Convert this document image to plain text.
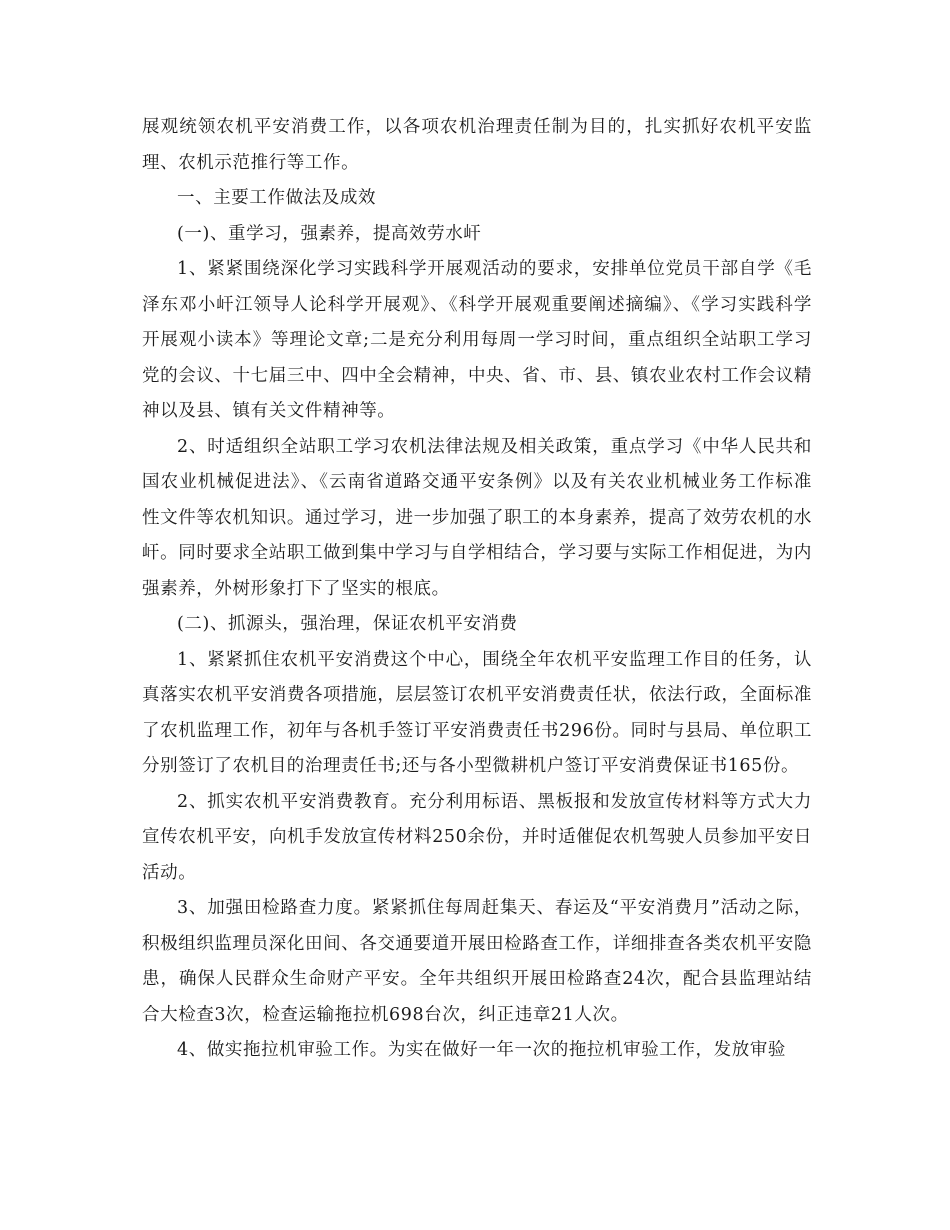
展观统领农机平安消费工作，以各项农机治理责任制为目的，扎实抓好农机平安监理、农机示范推行等工作。

一、主要工作做法及成效

(一)、重学习，强素养，提高效劳水屽

1、紧紧围绕深化学习实践科学开展观活动的要求，安排单位党员干部自学《毛泽东邓小屽江领导人论科学开展观》、《科学开展观重要阐述摘编》、《学习实践科学开展观小读本》等理论文章;二是充分利用每周一学习时间，重点组织全站职工学习党的会议、十七届三中、四中全会精神，中央、省、市、县、镇农业农村工作会议精神以及县、镇有关文件精神等。

2、时适组织全站职工学习农机法律法规及相关政策，重点学习《中华人民共和国农业机械促进法》、《云南省道路交通平安条例》以及有关农业机械业务工作标准性文件等农机知识。通过学习，进一步加强了职工的本身素养，提高了效劳农机的水屽。同时要求全站职工做到集中学习与自学相结合，学习要与实际工作相促进，为内强素养，外树形象打下了坚实的根底。

(二)、抓源头，强治理，保证农机平安消费

1、紧紧抓住农机平安消费这个中心，围绕全年农机平安监理工作目的任务，认真落实农机平安消费各项措施，层层签订农机平安消费责任状，依法行政，全面标准了农机监理工作，初年与各机手签订平安消费责任书296份。同时与县局、单位职工分别签订了农机目的治理责任书;还与各小型微耕机户签订平安消费保证书165份。

2、抓实农机平安消费教育。充分利用标语、黑板报和发放宣传材料等方式大力宣传农机平安，向机手发放宣传材料250余份，并时适催促农机驾驶人员参加平安日活动。

3、加强田检路查力度。紧紧抓住每周赶集天、春运及“平安消费月”活动之际，积极组织监理员深化田间、各交通要道开展田检路查工作，详细排查各类农机平安隐患，确保人民群众生命财产平安。全年共组织开展田检路查24次，配合县监理站结合大检查3次，检查运输拖拉机698台次，纠正违章21人次。

4、做实拖拉机审验工作。为实在做好一年一次的拖拉机审验工作，发放审验
